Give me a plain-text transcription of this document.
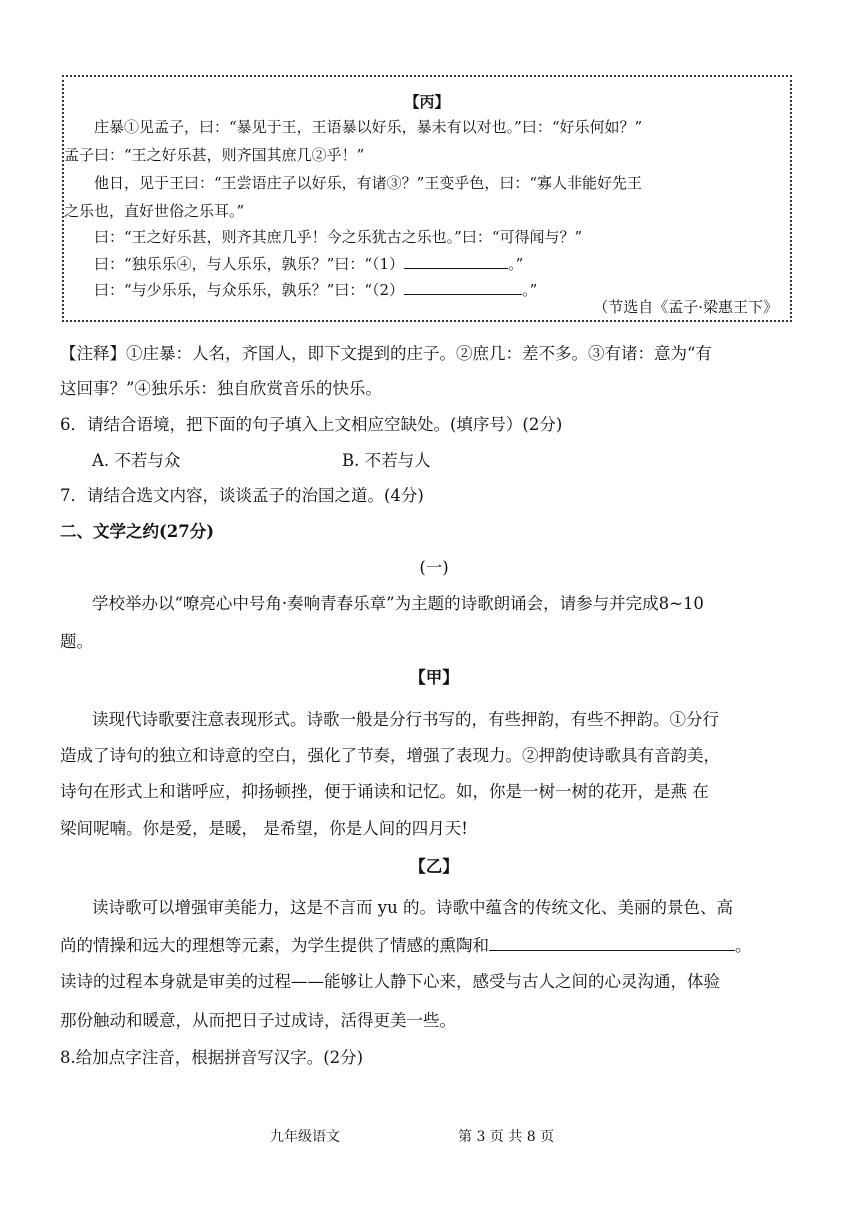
【丙】
庄暴①见孟子，曰：“暴见于王，王语暴以好乐，暴未有以对也。”曰：“好乐何如？”
孟子曰：“王之好乐甚，则齐国其庶几②乎！”
他日，见于王曰：“王尝语庄子以好乐，有诸③？”王变乎色，曰：“寡人非能好先王
之乐也，直好世俗之乐耳。”
曰：“王之好乐甚，则齐其庶几乎！今之乐犹古之乐也。”曰：“可得闻与？”
曰：“独乐乐④，与人乐乐，孰乐？”曰：“（1）	。”
曰：“与少乐乐，与众乐乐，孰乐？”曰：“（2）	。”
（节选自《孟子·梁惠王下》
【注释】①庄暴：人名，齐国人，即下文提到的庄子。②庶几：差不多。③有诸：意为“有
这回事？”④独乐乐：独自欣赏音乐的快乐。
6．请结合语境，把下面的句子填入上文相应空缺处。(填序号）(2分)
A. 不若与众	B. 不若与人
7．请结合选文内容，谈谈孟子的治国之道。(4分)
二、文学之约(27分)
(一)
学校举办以“嘹亮心中号角·奏响青春乐章”为主题的诗歌朗诵会，请参与并完成8~10
题。
【甲】
读现代诗歌要注意表现形式。诗歌一般是分行书写的，有些押韵，有些不押韵。①分行
造成了诗句的独立和诗意的空白，强化了节奏，增强了表现力。②押韵使诗歌具有音韵美，
诗句在形式上和谐呼应，抑扬顿挫，便于诵读和记忆。如，你是一树一树的花开，是燕 在
梁间呢喃。你是爱，是暖， 是希望，你是人间的四月天!
【乙】
读诗歌可以增强审美能力，这是不言而 yu 的。诗歌中蕴含的传统文化、美丽的景色、高
尚的情操和远大的理想等元素，为学生提供了情感的熏陶和	。
读诗的过程本身就是审美的过程——能够让人静下心来，感受与古人之间的心灵沟通，体验
那份触动和暖意，从而把日子过成诗，活得更美一些。
8.给加点字注音，根据拼音写汉字。(2分)
九年级语文	第 3 页 共 8 页
